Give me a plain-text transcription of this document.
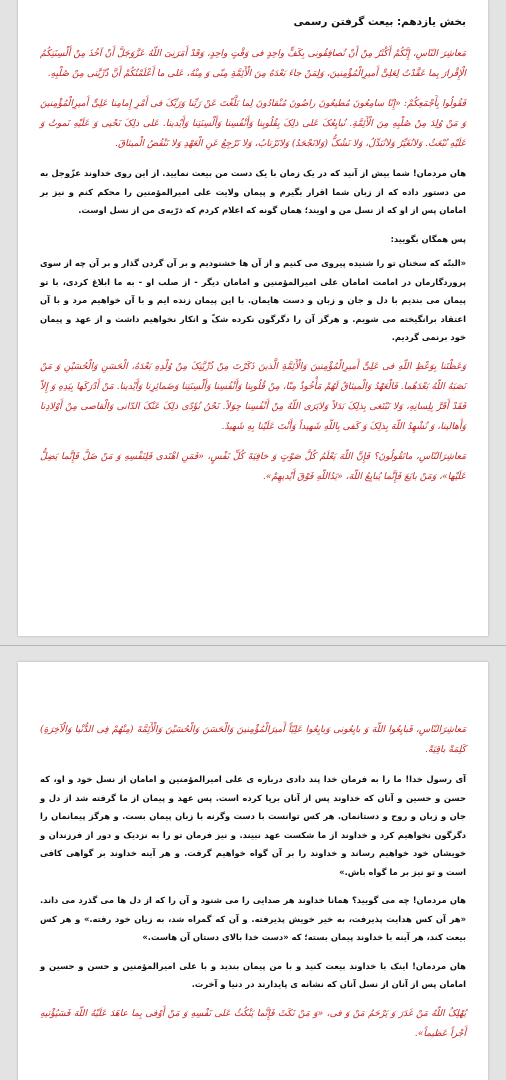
بخش یازدهم: بیعت گرفتن رسمی

مَعاشِرَ النّاسِ، إِنَّکُمْ أَکْثَرُ مِنْ أَنْ تُصافِقُونی بِکَفٍّ واحِدٍ فی وَقْتٍ واحِدٍ، وَقَدْ أَمَرَنِیَ اللّهُ عَزَّوَجَلَّ أَنْ آخُذَ مِنْ أَلْسِنَتِکُمُ الْإِقْرارَ بِما عَقَّدْتُ لِعَلِیٍّ أَمیرِالْمُؤْمِنینَ، وَلِمَنْ جاءَ بَعْدَهُ مِنَ الْأَئِمَّةِ مِنّی وَ مِنْهُ، عَلی ما أَعْلَمْتُکُمْ أَنَّ ذُرِّیَّتی مِنْ صُلْبِهِ.

فَقُولُوا بِأَجْمَعِکُمْ: «إِنّا سامِعُونَ مُطیعُونَ راضُونَ مُنْقادُونَ لِما بَلَّغْتَ عَنْ رَبِّنا وَرَبِّکَ فی أَمْرِ إِمامِنا عَلِیٍّ أَمیرِالْمُؤْمِنینَ وَ مَنْ وُلِدَ مِنْ صُلْبِهِ مِنَ الْأَئِمَّةِ. نُبایِعُکَ عَلی ذلِکَ بِقُلُوبِنا وَأَنْفُسِنا وَأَلْسِنَتِنا وَأَیْدینا. عَلی ذلِکَ نَحْیی وَ عَلَیْهِ نَموتُ وَ عَلَیْهِ نُبْعَثُ. وَلانُغَیِّرُ وَلانُبَدِّلُ، وَلا نَشُکُّ (وَلانَجْحَدُ) وَلانَرْتابُ، وَلا نَرْجِعُ عَنِ الْعَهْدِ وَلا نَنْقُضُ الْمیثاقَ.

هان مردمان! شما بیش از آنید که در یک زمان با یک دست من بیعت نمایید. از این روی خداوند عزّوجل به من دستور داده که از زبان شما اقرار بگیرم و پیمان ولایت علی امیرالمؤمنین را محکم کنم و نیز بر امامان پس از او که از نسل من و اویند؛ همان گونه که اعلام کردم که ذرّیه‌ی من از نسل اوست.

پس همگان بگویید:

«البتّه که سخنان تو را شنیده پیروی می کنیم و از آن ها خشنودیم و بر آن گردن گذار و بر آن چه از سوی پروردگارمان در امامت امامان علی امیرالمؤمنین و امامان دیگر - از صلب او - به ما ابلاغ کردی، با تو پیمان می بندیم با دل و جان و زبان و دست هایمان. با این پیمان زنده ایم و با آن خواهیم مرد و با آن اعتقاد برانگیخته می شویم. و هرگز آن را دگرگون نکرده شکّ و انکار نخواهیم داشت و از عهد و پیمان خود برنمی گردیم.

وَعَظْتَنا بِوَعْظِ اللّهِ فی عَلِیٍّ أَمیرِالْمُؤْمِنینَ وَالْأَئِمَّةِ الَّذینَ ذَکَرْتَ مِنْ ذُرِّیَّتِکَ مِنْ وُلْدِهِ بَعْدَهُ، الْحَسَنِ وَالْحُسَیْنِ وَ مَنْ نَصَبَهُ اللّهُ بَعْدَهُما. فَالْعَهْدُ وَالْمیثاقُ لَهُمْ مَأْخُوذٌ مِنّا، مِنْ قُلُوبِنا وَأَنْفُسِنا وَأَلْسِنَتِنا وَضَمائِرِنا وَأَیْدینا. مَنْ أَدْرَکَها بِیَدِهِ وَ إِلاّ فَقَدْ أَقَرَّ بِلِسانِهِ، وَلا نَبْتَغی بِذلِکَ بَدَلاً وَلایَرَی اللّهُ مِنْ أَنْفُسِنا حِوَلاً. نَحْنُ نُؤَدّی ذلِکَ عَنْکَ الدّانی وَالْقاصی مِنْ أَوْلادِنا وَأَهالینا، وَ نُشْهِدُ اللّهَ بِذلِکَ وَ کَفی بِاللّهِ شَهیداً وَأَنْتَ عَلَیْنا بِهِ شَهیدٌ.

مَعاشِرَالنّاسِ، ماتَقُولُونَ؟ فَإِنَّ اللّهَ یَعْلَمُ کُلَّ صَوْتٍ وَ خافِیَةَ کُلِّ نَفْسٍ، «فَمَنِ اهْتَدی فَلِنَفْسِهِ وَ مَنْ ضَلَّ فَإِنَّما یَضِلُّ عَلَیْها»، وَمَنْ بایَعَ فَإِنَّما یُبایِعُ اللّهَ، «یَدُاللّهِ فَوْقَ أَیْدیهِمْ».

مَعاشِرَالنّاسِ، فَبایِعُوا اللّهَ وَ بایِعُونی وَبایِعُوا عَلِیّاً أَمیرَالْمُؤْمِنینَ وَالْحَسَنَ وَالْحُسَیْنَ وَالْأَئِمَّةَ (مِنْهُمْ فِی الدُّنْیا وَالْآخِرَةِ) کَلِمَةً باقِیَةً.

آی رسول خدا! ما را به فرمان خدا پند دادی درباره ی علی امیرالمؤمنین و امامان از نسل خود و او، که حسن و حسین و آنان که خداوند پس از آنان برپا کرده است. پس عهد و پیمان از ما گرفته شد از دل و جان و زبان و روح و دستانمان. هر کس توانست با دست وگرنه با زبان پیمان بست. و هرگز پیمانمان را دگرگون نخواهیم کرد و خداوند از ما شکست عهد نبیند. و نیز فرمان تو را به نزدیک و دور از فرزندان و خویشان خود خواهیم رساند و خداوند را بر آن گواه خواهیم گرفت. و هر آینه خداوند بر گواهی کافی است و تو نیز بر ما گواه باش.»

هان مردمان! چه می گویید؟ همانا خداوند هر صدایی را می شنود و آن را که از دل ها می گذرد می داند. «هر آن کس هدایت پذیرفت، به خیر خویش پذیرفته. و آن که گمراه شد، به زیان خود رفته.» و هر کس بیعت کند، هر آینه با خداوند پیمان بسته؛ که «دست خدا بالای دستان آن هاست.»

هان مردمان! اینک با خداوند بیعت کنید و با من پیمان بندید و با علی امیرالمؤمنین و حسن و حسین و امامان پس از آنان از نسل آنان که نشانه ی پایدارند در دنیا و آخرت.

یُهْلِکُ اللّهُ مَنْ غَدَرَ وَ یَرْحَمُ مَنْ وَ فی، «وَ مَنْ نَکَثَ فَإِنَّما یَنْکُثُ عَلی نَفْسِهِ وَ مَنْ أَوْفی بِما عاهَدَ عَلَیْهُ اللّهَ فَسَیُؤْتیهِ أَجْراً عَظیماً».
